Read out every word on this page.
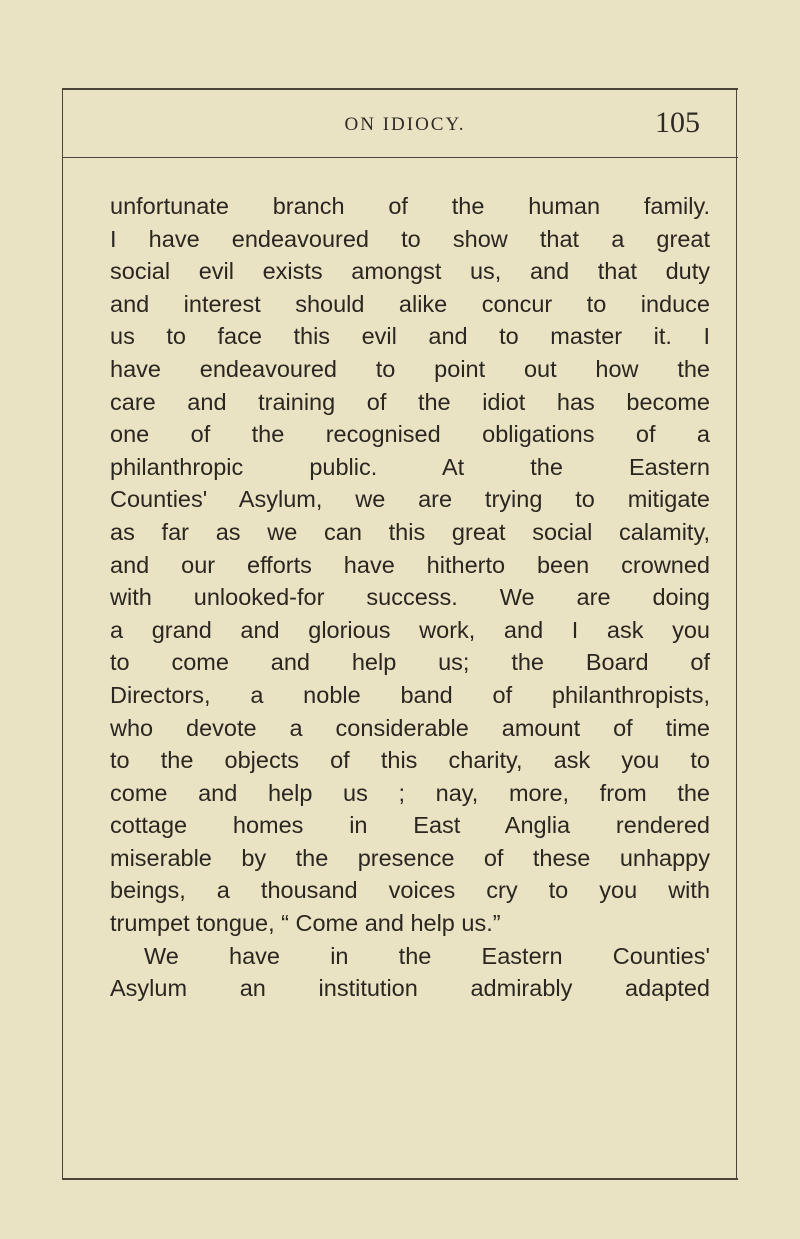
ON IDIOCY.	105
unfortunate branch of the human family.
I have endeavoured to show that a great
social evil exists amongst us, and that duty
and interest should alike concur to induce
us to face this evil and to master it. I
have endeavoured to point out how the
care and training of the idiot has become
one of the recognised obligations of a
philanthropic public. At the Eastern
Counties' Asylum, we are trying to mitigate
as far as we can this great social calamity,
and our efforts have hitherto been crowned
with unlooked-for success. We are doing
a grand and glorious work, and I ask you
to come and help us; the Board of
Directors, a noble band of philanthropists,
who devote a considerable amount of time
to the objects of this charity, ask you to
come and help us ; nay, more, from the
cottage homes in East Anglia rendered
miserable by the presence of these unhappy
beings, a thousand voices cry to you with
trumpet tongue, “ Come and help us.”
We have in the Eastern Counties'
Asylum an institution admirably adapted
